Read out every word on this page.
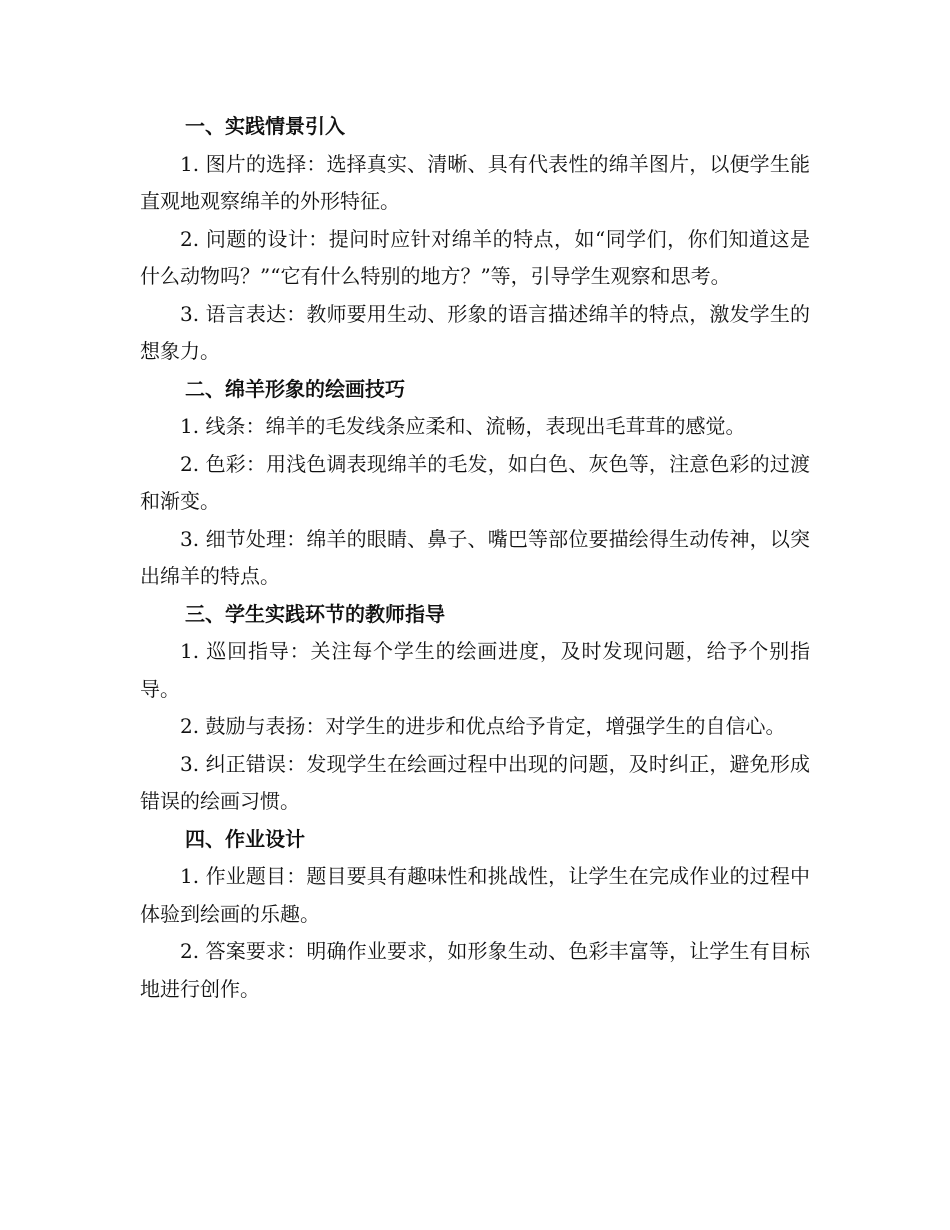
一、实践情景引入

1. 图片的选择：选择真实、清晰、具有代表性的绵羊图片，以便学生能直观地观察绵羊的外形特征。

2. 问题的设计：提问时应针对绵羊的特点，如“同学们，你们知道这是什么动物吗？”“它有什么特别的地方？”等，引导学生观察和思考。

3. 语言表达：教师要用生动、形象的语言描述绵羊的特点，激发学生的想象力。

二、绵羊形象的绘画技巧

1. 线条：绵羊的毛发线条应柔和、流畅，表现出毛茸茸的感觉。

2. 色彩：用浅色调表现绵羊的毛发，如白色、灰色等，注意色彩的过渡和渐变。

3. 细节处理：绵羊的眼睛、鼻子、嘴巴等部位要描绘得生动传神，以突出绵羊的特点。

三、学生实践环节的教师指导

1. 巡回指导：关注每个学生的绘画进度，及时发现问题，给予个别指导。

2. 鼓励与表扬：对学生的进步和优点给予肯定，增强学生的自信心。

3. 纠正错误：发现学生在绘画过程中出现的问题，及时纠正，避免形成错误的绘画习惯。

四、作业设计

1. 作业题目：题目要具有趣味性和挑战性，让学生在完成作业的过程中体验到绘画的乐趣。

2. 答案要求：明确作业要求，如形象生动、色彩丰富等，让学生有目标地进行创作。
